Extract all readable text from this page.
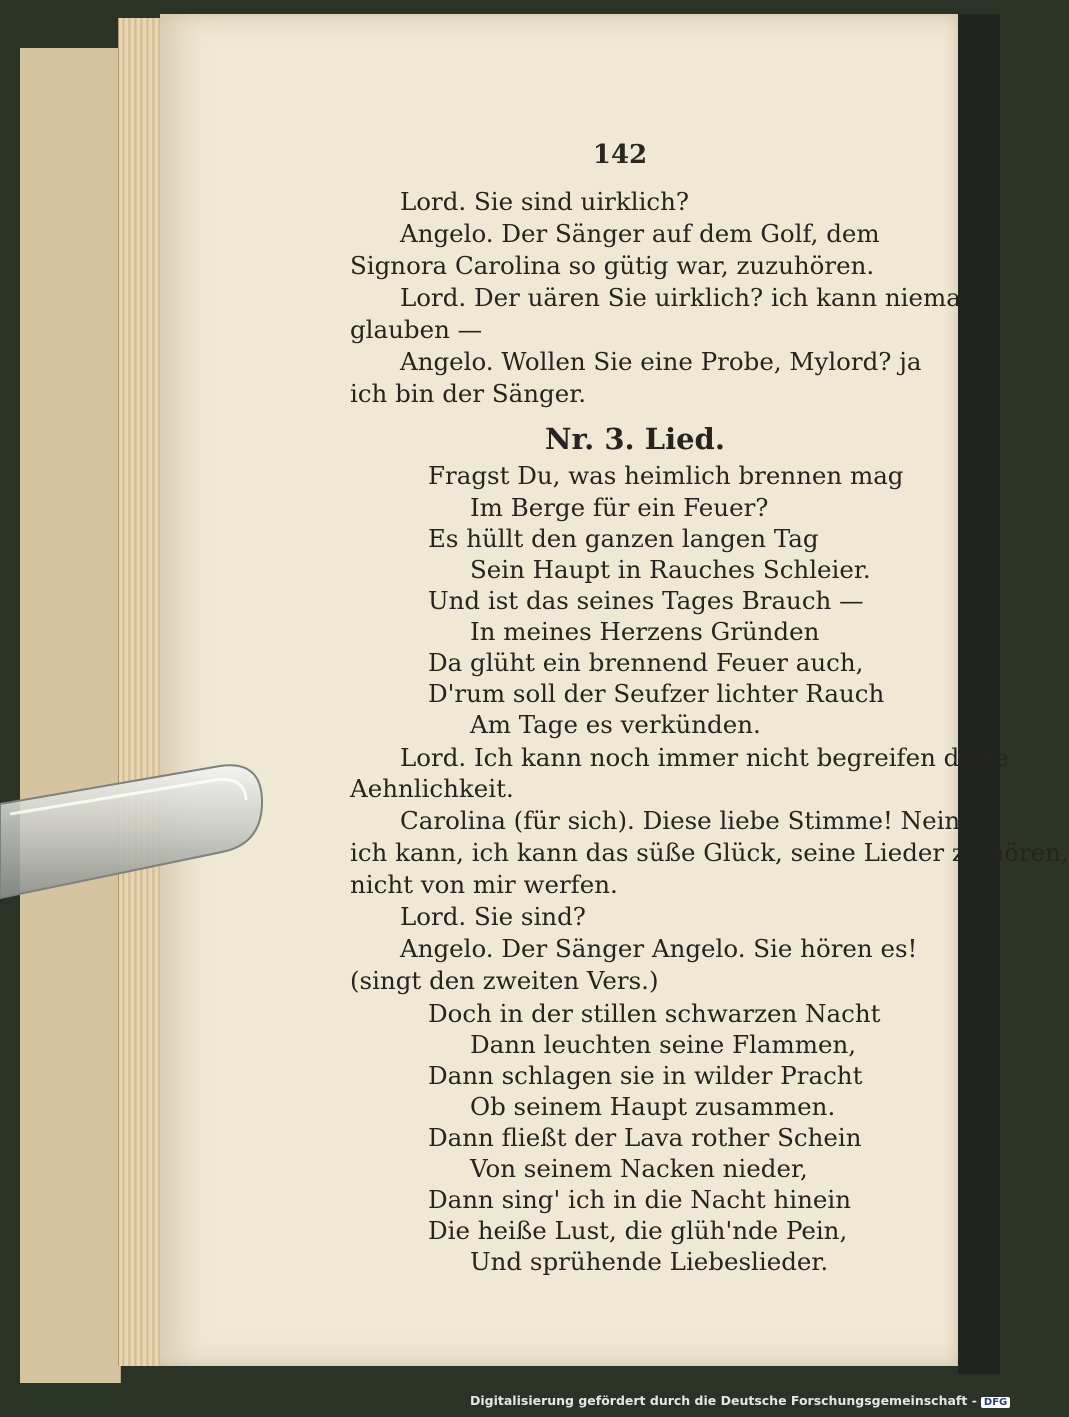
142
Lord. Sie sind uirklich?
Angelo. Der Sänger auf dem Golf, dem
Signora Carolina so gütig war, zuzuhören.
Lord. Der uären Sie uirklich? ich kann niemals
glauben —
Angelo. Wollen Sie eine Probe, Mylord? ja
ich bin der Sänger.
Nr. 3. Lied.
Fragst Du, was heimlich brennen mag
Im Berge für ein Feuer?
Es hüllt den ganzen langen Tag
Sein Haupt in Rauches Schleier.
Und ist das seines Tages Brauch —
In meines Herzens Gründen
Da glüht ein brennend Feuer auch,
D'rum soll der Seufzer lichter Rauch
Am Tage es verkünden.
Lord. Ich kann noch immer nicht begreifen diese
Aehnlichkeit.
Carolina (für sich). Diese liebe Stimme! Nein,
ich kann, ich kann das süße Glück, seine Lieder zu hören,
nicht von mir werfen.
Lord. Sie sind?
Angelo. Der Sänger Angelo. Sie hören es!
(singt den zweiten Vers.)
Doch in der stillen schwarzen Nacht
Dann leuchten seine Flammen,
Dann schlagen sie in wilder Pracht
Ob seinem Haupt zusammen.
Dann fließt der Lava rother Schein
Von seinem Nacken nieder,
Dann sing' ich in die Nacht hinein
Die heiße Lust, die glüh'nde Pein,
Und sprühende Liebeslieder.
Digitalisierung gefördert durch die Deutsche Forschungsgemeinschaft - DFG
